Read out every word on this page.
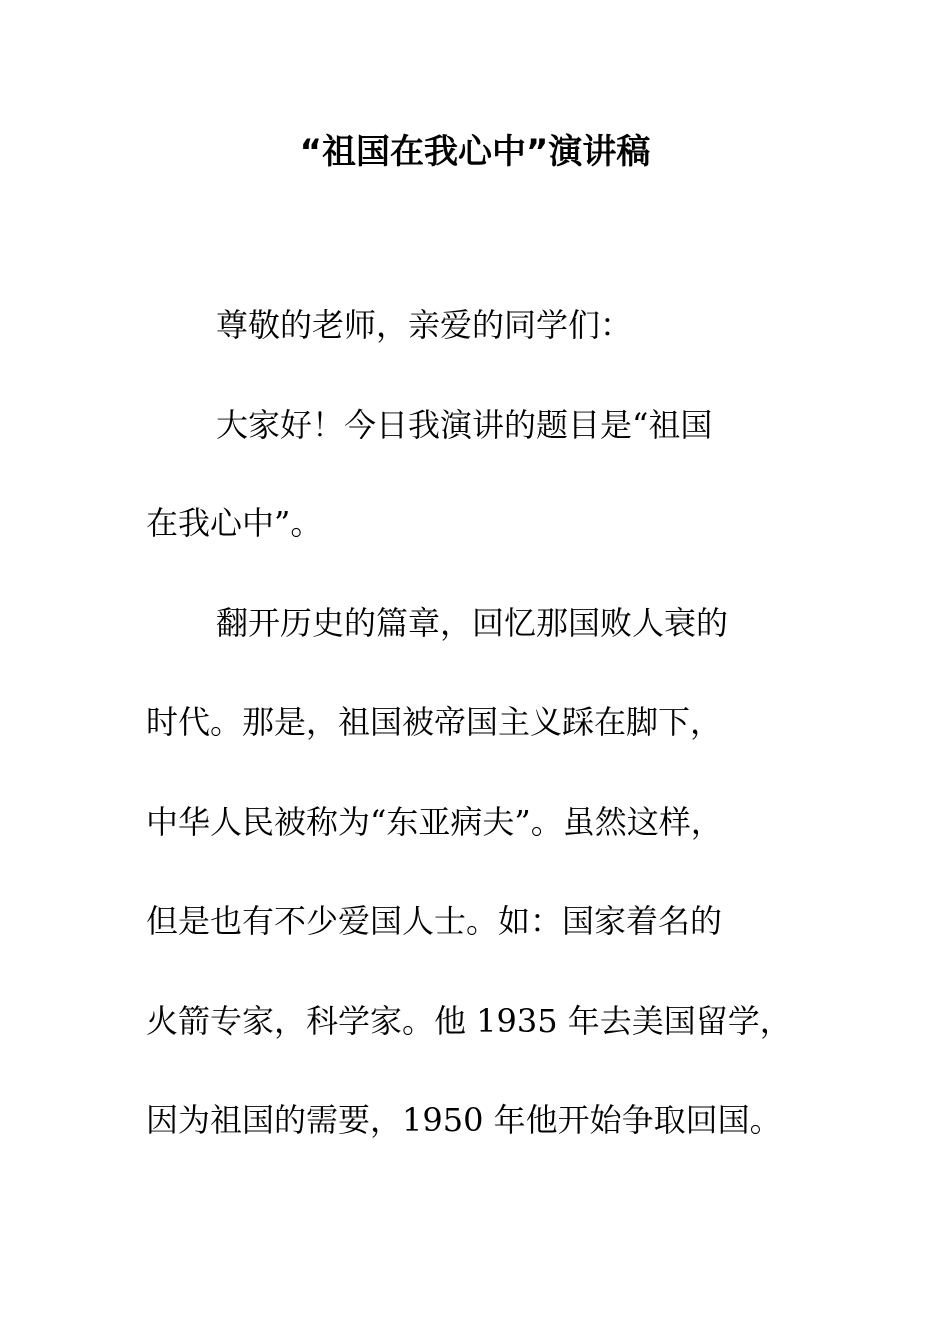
“祖国在我心中”演讲稿
尊敬的老师，亲爱的同学们：
大家好！今日我演讲的题目是“祖国
在我心中”。
翻开历史的篇章，回忆那国败人衰的
时代。那是，祖国被帝国主义踩在脚下，
中华人民被称为“东亚病夫”。虽然这样，
但是也有不少爱国人士。如：国家着名的
火箭专家，科学家。他 1935 年去美国留学，
因为祖国的需要，1950 年他开始争取回国。
